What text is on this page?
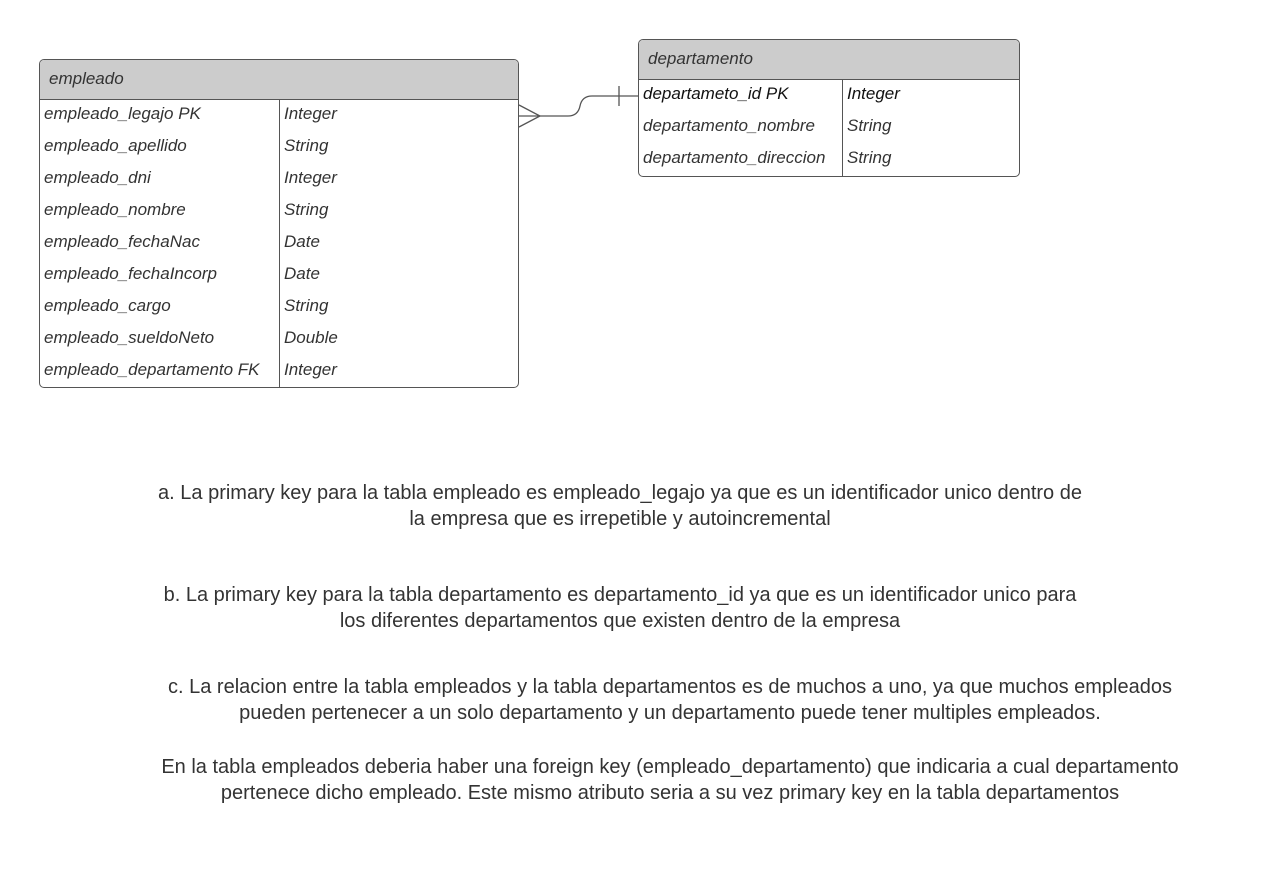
empleado
empleado_legajo PK	Integer
empleado_apellido	String
empleado_dni	Integer
empleado_nombre	String
empleado_fechaNac	Date
empleado_fechaIncorp	Date
empleado_cargo	String
empleado_sueldoNeto	Double
empleado_departamento FK	Integer
departamento
departameto_id PK	Integer
departamento_nombre	String
departamento_direccion	String
a. La primary key para la tabla empleado es empleado_legajo ya que es un identificador unico dentro de
la empresa que es irrepetible y autoincremental
b. La primary key para la tabla departamento es departamento_id ya que es un identificador unico para
los diferentes departamentos que existen dentro de la empresa
c. La relacion entre la tabla empleados y la tabla departamentos es de muchos a uno, ya que muchos empleados
pueden pertenecer a un solo departamento y un departamento puede tener multiples empleados.
En la tabla empleados deberia haber una foreign key (empleado_departamento) que indicaria a cual departamento
pertenece dicho empleado. Este mismo atributo seria a su vez primary key en la tabla departamentos
